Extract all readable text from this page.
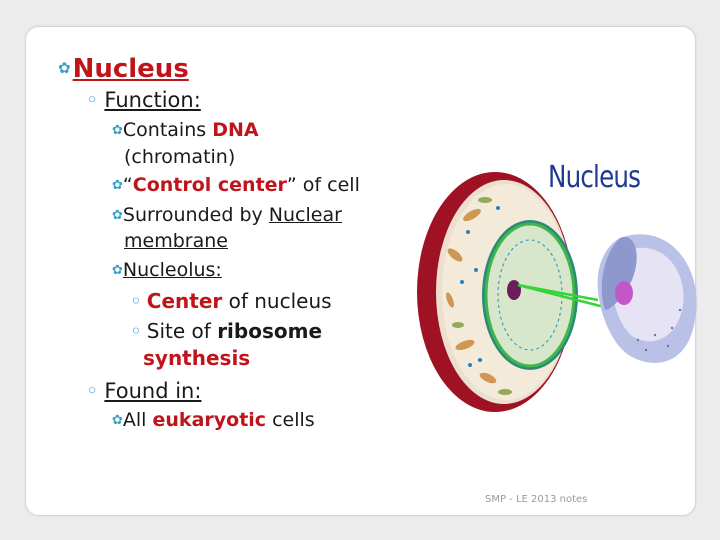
✿Nucleus
◦ Function:
✿Contains DNA
(chromatin)
✿“Control center” of cell
✿Surrounded by Nuclear
membrane
✿Nucleolus:
◦ Center of nucleus
◦ Site of ribosome
synthesis
◦ Found in:
✿All eukaryotic cells
Nucleus
SMP - LE 2013 notes
